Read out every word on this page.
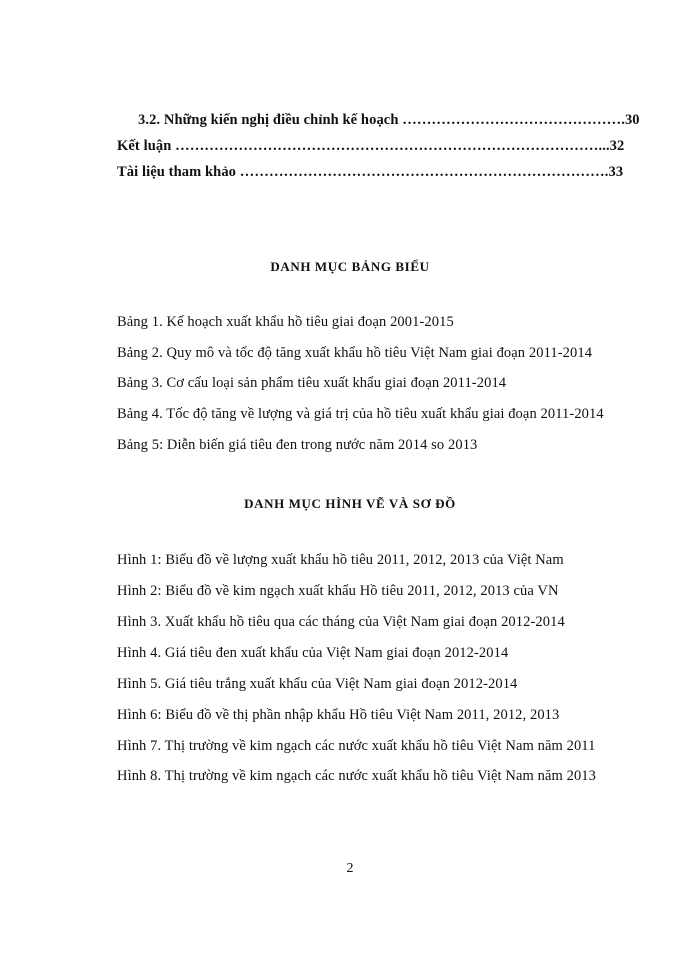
3.2. Những kiến nghị điều chỉnh kế hoạch ……………………………………….30
Kết luận ……………………………………………………………………………...32
Tài liệu tham khảo ………………………………………………………………….33
DANH MỤC BẢNG BIỂU
Bảng 1. Kế hoạch xuất khẩu hồ tiêu giai đoạn 2001-2015
Bảng 2. Quy mô và tốc độ tăng xuất khẩu hồ tiêu Việt Nam giai đoạn 2011-2014
Bảng 3. Cơ cấu loại sản phẩm tiêu xuất khẩu giai đoạn 2011-2014
Bảng 4. Tốc độ tăng về lượng và giá trị của hồ tiêu xuất khẩu giai đoạn 2011-2014
Bảng 5: Diễn biến giá tiêu đen trong nước năm 2014 so 2013
DANH MỤC HÌNH VẼ VÀ SƠ ĐỒ
Hình 1: Biểu đồ về lượng xuất khẩu hồ tiêu 2011, 2012, 2013 của Việt Nam
Hình 2: Biểu đồ về kim ngạch xuất khẩu Hồ tiêu 2011, 2012, 2013 của VN
Hình 3. Xuất khẩu hồ tiêu qua các tháng của Việt Nam giai đoạn 2012-2014
Hình 4. Giá tiêu đen xuất khẩu của Việt Nam giai đoạn 2012-2014
Hình 5. Giá tiêu trắng xuất khẩu của Việt Nam giai đoạn 2012-2014
Hình 6: Biểu đồ về thị phần nhập khẩu Hồ tiêu Việt Nam 2011, 2012, 2013
Hình 7. Thị trường về kim ngạch các nước xuất khẩu hồ tiêu Việt Nam năm 2011
Hình 8. Thị trường về kim ngạch các nước xuất khẩu hồ tiêu Việt Nam năm 2013
2
